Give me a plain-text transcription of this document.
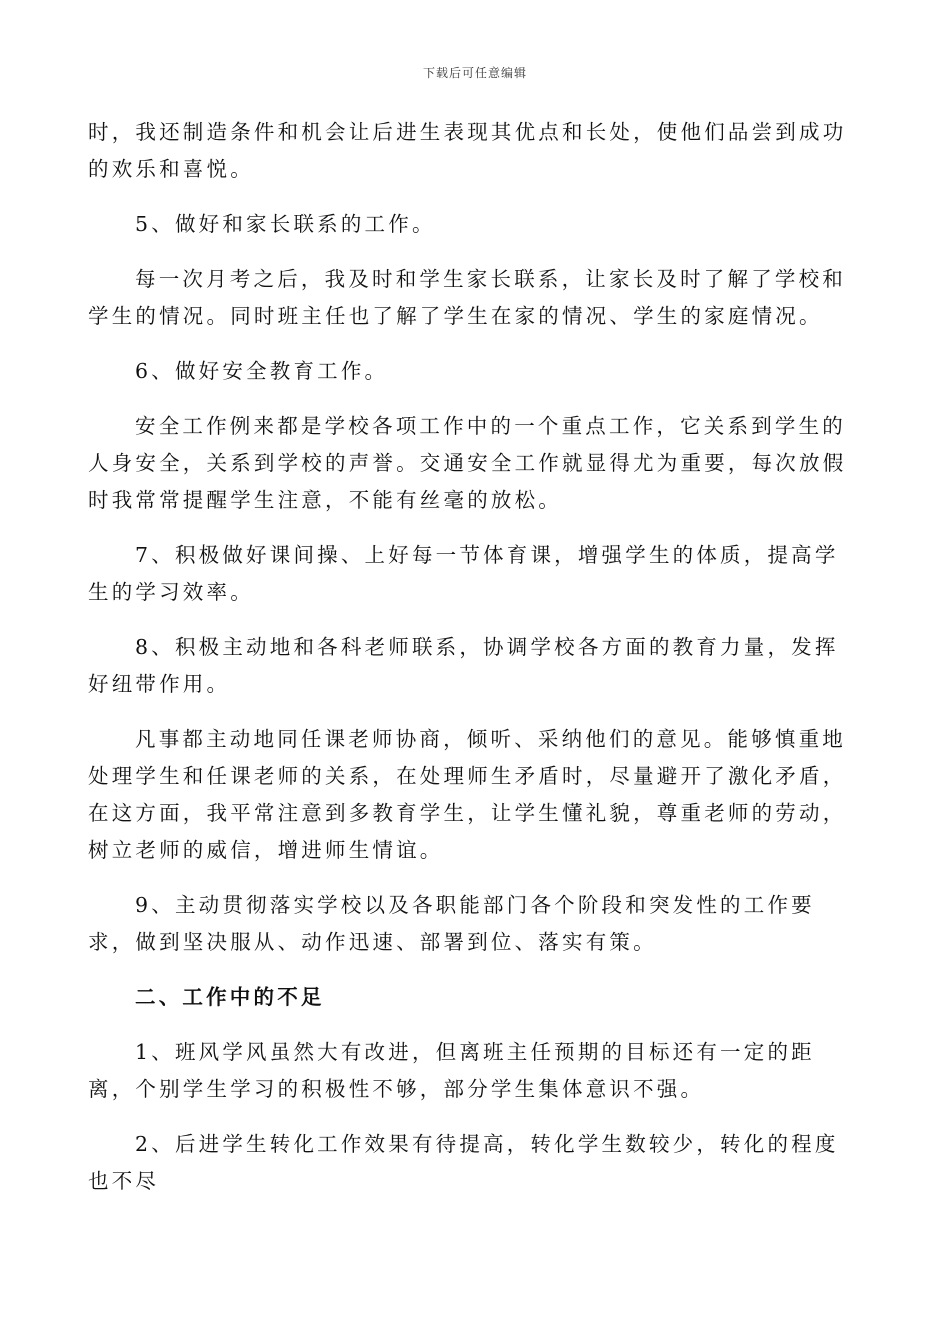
下载后可任意编辑

时，我还制造条件和机会让后进生表现其优点和长处，使他们品尝到成功的欢乐和喜悦。

5、做好和家长联系的工作。

每一次月考之后，我及时和学生家长联系，让家长及时了解了学校和学生的情况。同时班主任也了解了学生在家的情况、学生的家庭情况。

6、做好安全教育工作。

安全工作例来都是学校各项工作中的一个重点工作，它关系到学生的人身安全，关系到学校的声誉。交通安全工作就显得尤为重要，每次放假时我常常提醒学生注意，不能有丝毫的放松。

7、积极做好课间操、上好每一节体育课，增强学生的体质，提高学生的学习效率。

8、积极主动地和各科老师联系，协调学校各方面的教育力量，发挥好纽带作用。

凡事都主动地同任课老师协商，倾听、采纳他们的意见。能够慎重地处理学生和任课老师的关系，在处理师生矛盾时，尽量避开了激化矛盾，在这方面，我平常注意到多教育学生，让学生懂礼貌，尊重老师的劳动，树立老师的威信，增进师生情谊。

9、主动贯彻落实学校以及各职能部门各个阶段和突发性的工作要求，做到坚决服从、动作迅速、部署到位、落实有策。

二、工作中的不足

1、班风学风虽然大有改进，但离班主任预期的目标还有一定的距离，个别学生学习的积极性不够，部分学生集体意识不强。

2、后进学生转化工作效果有待提高，转化学生数较少，转化的程度也不尽
